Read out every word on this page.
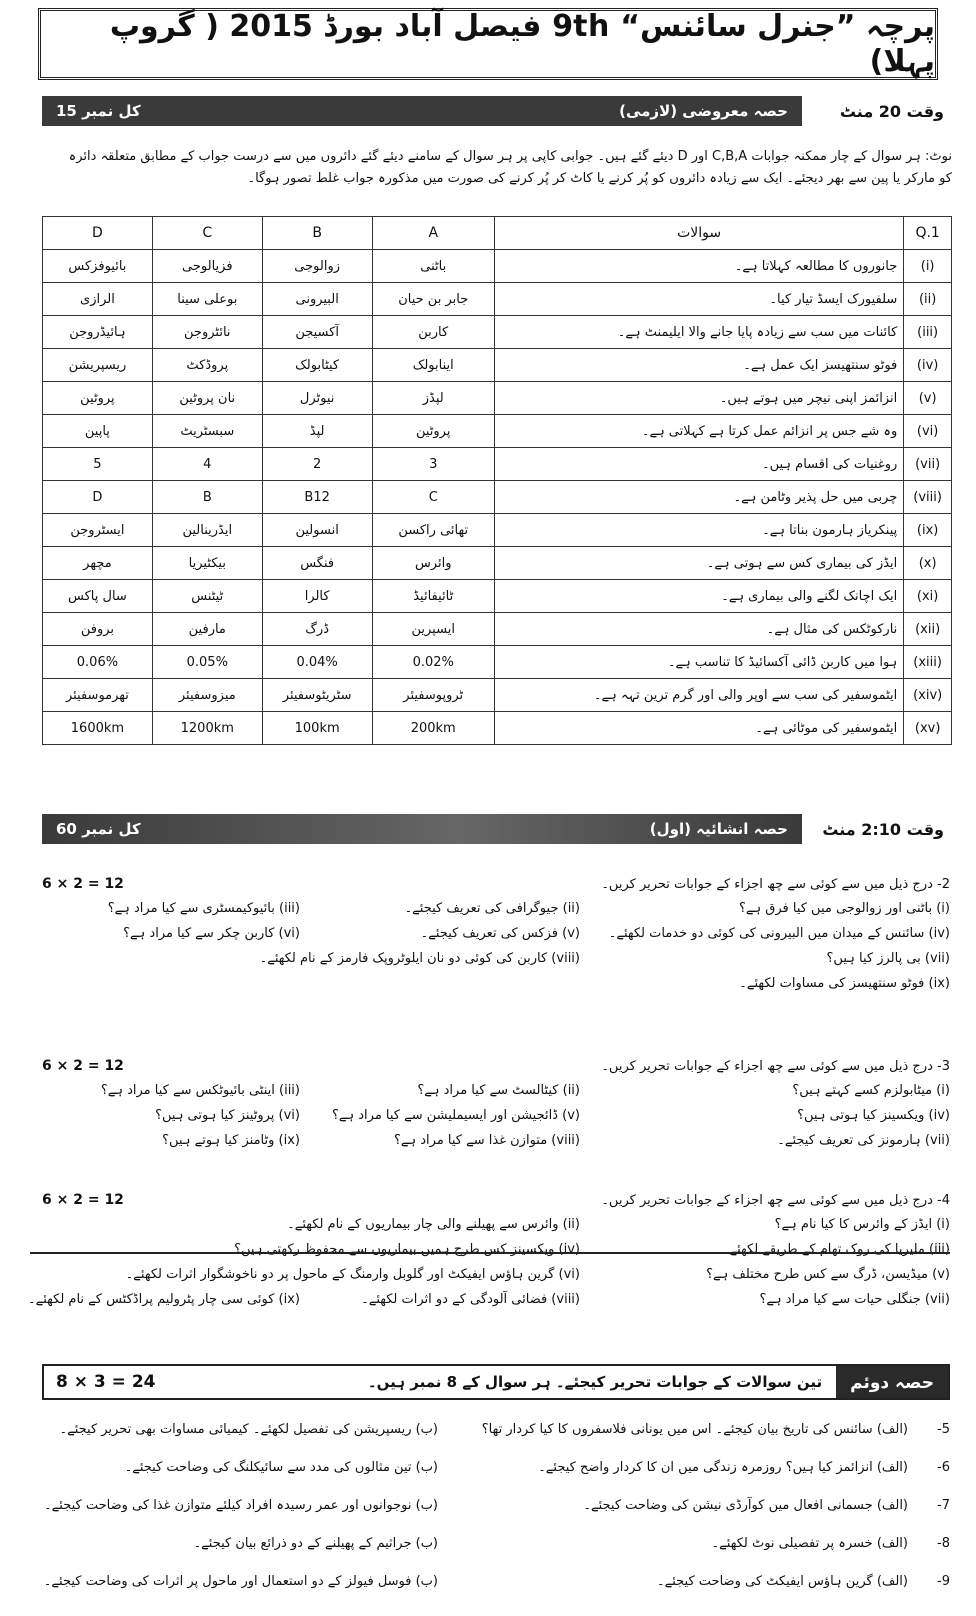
پرچہ ”جنرل سائنس“ 9th فیصل آباد بورڈ 2015 ( گروپ پہلا)
حصہ معروضی (لازمی)
کل نمبر 15	وقت 20 منٹ
نوٹ: ہر سوال کے چار ممکنہ جوابات C,B,A اور D دیئے گئے ہیں۔ جوابی کاپی پر ہر سوال کے سامنے دیئے گئے دائروں میں سے درست جواب کے مطابق متعلقہ دائرہ
کو مارکر یا پین سے بھر دیجئے۔ ایک سے زیادہ دائروں کو پُر کرنے یا کاٹ کر پُر کرنے کی صورت میں مذکورہ جواب غلط تصور ہوگا۔
D	C	B	A	سوالات	Q.1
بائیوفزکس	فزیالوجی	زوالوجی	باٹنی	جانوروں کا مطالعہ کہلاتا ہے۔	(i)
الرازی	بوعلی سینا	البیرونی	جابر بن حیان	سلفیورک ایسڈ تیار کیا۔	(ii)
ہائیڈروجن	نائٹروجن	آکسیجن	کاربن	کائنات میں سب سے زیادہ پایا جانے والا ایلیمنٹ ہے۔	(iii)
ریسپریشن	پروڈکٹ	کیٹابولک	اینابولک	فوٹو سنتھیسز ایک عمل ہے۔	(iv)
پروٹین	نان پروٹین	نیوٹرل	لپڈز	انزائمز اپنی نیچر میں ہوتے ہیں۔	(v)
پاپین	سبسٹریٹ	لپڈ	پروٹین	وہ شے جس پر انزائم عمل کرتا ہے کہلاتی ہے۔	(vi)
5	4	2	3	روغنیات کی اقسام ہیں۔	(vii)
D	B	B12	C	چربی میں حل پذیر وٹامن ہے۔	(viii)
ایسٹروجن	ایڈرینالین	انسولین	تھائی راکسن	پینکریاز ہارمون بناتا ہے۔	(ix)
مچھر	بیکٹیریا	فنگس	وائرس	ایڈز کی بیماری کس سے ہوتی ہے۔	(x)
سال پاکس	ٹیٹنس	کالرا	ٹائیفائیڈ	ایک اچانک لگنے والی بیماری ہے۔	(xi)
بروفن	مارفین	ڈرگ	ایسپرین	نارکوٹکس کی مثال ہے۔	(xii)
0.06%	0.05%	0.04%	0.02%	ہوا میں کاربن ڈائی آکسائیڈ کا تناسب ہے۔	(xiii)
تھرموسفیئر	میزوسفیئر	سٹریٹوسفیئر	ٹروپوسفیئر	ایٹموسفیر کی سب سے اوپر والی اور گرم ترین تہہ ہے۔	(xiv)
1600km	1200km	100km	200km	ایٹموسفیر کی موٹائی ہے۔	(xv)
حصہ انشائیہ (اول)
کل نمبر 60	وقت 2:10 منٹ
2- درج ذیل میں سے کوئی سے چھ اجزاء کے جوابات تحریر کریں۔
6 × 2 = 12
(i) باٹنی اور زوالوجی میں کیا فرق ہے؟
(ii) جیوگرافی کی تعریف کیجئے۔
(iii) بائیوکیمسٹری سے کیا مراد ہے؟
(iv) سائنس کے میدان میں البیرونی کی کوئی دو خدمات لکھئے۔
(v) فزکس کی تعریف کیجئے۔
(vi) کاربن چکر سے کیا مراد ہے؟
(vii) بی پالرز کیا ہیں؟
(viii) کاربن کی کوئی دو نان ایلوٹروپک فارمز کے نام لکھئے۔
(ix) فوٹو سنتھیسز کی مساوات لکھئے۔
3- درج ذیل میں سے کوئی سے چھ اجزاء کے جوابات تحریر کریں۔
6 × 2 = 12
(i) میٹابولزم کسے کہتے ہیں؟
(ii) کیٹالسٹ سے کیا مراد ہے؟
(iii) اینٹی بائیوٹکس سے کیا مراد ہے؟
(iv) ویکسینز کیا ہوتی ہیں؟
(v) ڈائجیشن اور ایسیملیشن سے کیا مراد ہے؟
(vi) پروٹینز کیا ہوتی ہیں؟
(vii) ہارمونز کی تعریف کیجئے۔
(viii) متوازن غذا سے کیا مراد ہے؟
(ix) وٹامنز کیا ہوتے ہیں؟
4- درج ذیل میں سے کوئی سے چھ اجزاء کے جوابات تحریر کریں۔
6 × 2 = 12
(i) ایڈز کے وائرس کا کیا نام ہے؟
(ii) وائرس سے پھیلنے والی چار بیماریوں کے نام لکھئے۔
(iii) ملیریا کی روک تھام کے طریقے لکھئے۔
(iv) ویکسینز کس طرح ہمیں بیماریوں سے محفوظ رکھتی ہیں؟
(v) میڈیسن، ڈرگ سے کس طرح مختلف ہے؟
(vi) گرین ہاؤس ایفیکٹ اور گلوبل وارمنگ کے ماحول پر دو ناخوشگوار اثرات لکھئے۔
(vii) جنگلی حیات سے کیا مراد ہے؟
(viii) فضائی آلودگی کے دو اثرات لکھئے۔
(ix) کوئی سی چار پٹرولیم پراڈکٹس کے نام لکھئے۔
حصہ دوئم
تین سوالات کے جوابات تحریر کیجئے۔ ہر سوال کے 8 نمبر ہیں۔
8 × 3 = 24
5-
(الف) سائنس کی تاریخ بیان کیجئے۔ اس میں یونانی فلاسفروں کا کیا کردار تھا؟
(ب) ریسپریشن کی تفصیل لکھئے۔ کیمیائی مساوات بھی تحریر کیجئے۔
6-
(الف) انزائمز کیا ہیں؟ روزمرہ زندگی میں ان کا کردار واضح کیجئے۔
(ب) تین مثالوں کی مدد سے سائیکلنگ کی وضاحت کیجئے۔
7-
(الف) جسمانی افعال میں کوآرڈی نیشن کی وضاحت کیجئے۔
(ب) نوجوانوں اور عمر رسیدہ افراد کیلئے متوازن غذا کی وضاحت کیجئے۔
8-
(الف) خسرہ پر تفصیلی نوٹ لکھئے۔
(ب) جراثیم کے پھیلنے کے دو ذرائع بیان کیجئے۔
9-
(الف) گرین ہاؤس ایفیکٹ کی وضاحت کیجئے۔
(ب) فوسل فیولز کے دو استعمال اور ماحول پر اثرات کی وضاحت کیجئے۔
